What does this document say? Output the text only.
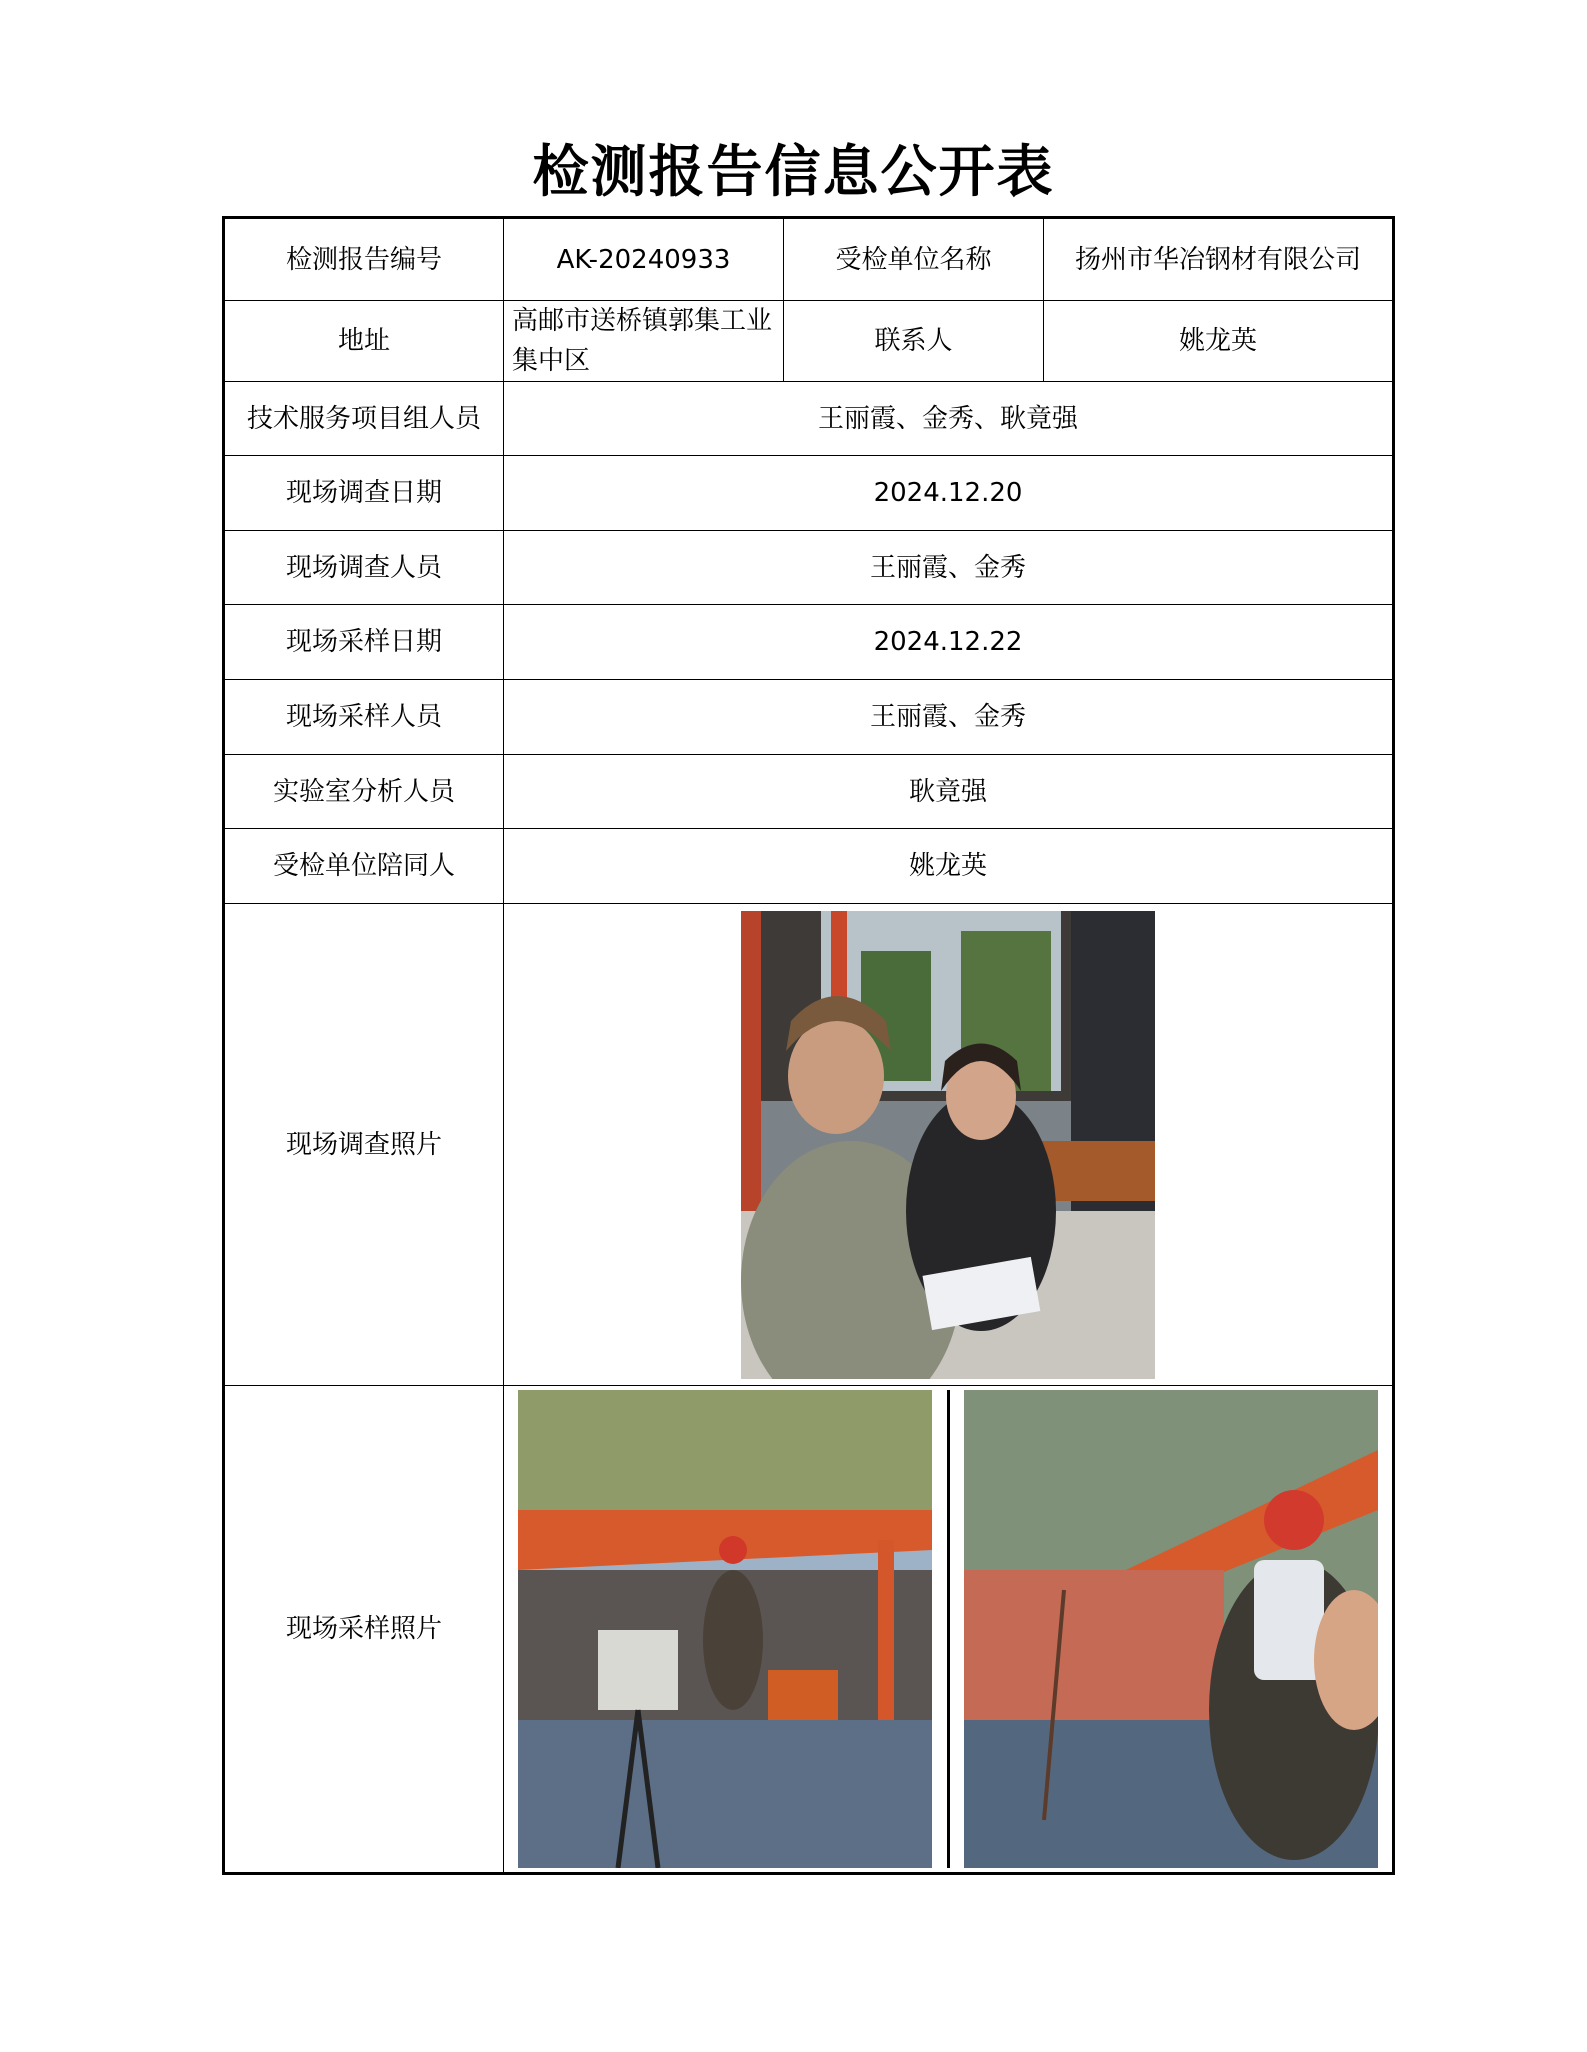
检测报告信息公开表
检测报告编号	AK-20240933	受检单位名称	扬州市华冶钢材有限公司
地址	高邮市送桥镇郭集工业集中区	联系人	姚龙英
技术服务项目组人员	王丽霞、金秀、耿竟强		
现场调查日期	2024.12.20		
现场调查人员	王丽霞、金秀		
现场采样日期	2024.12.22		
现场采样人员	王丽霞、金秀		
实验室分析人员	耿竟强		
受检单位陪同人	姚龙英		
现场调查照片	

现场采样照片	
